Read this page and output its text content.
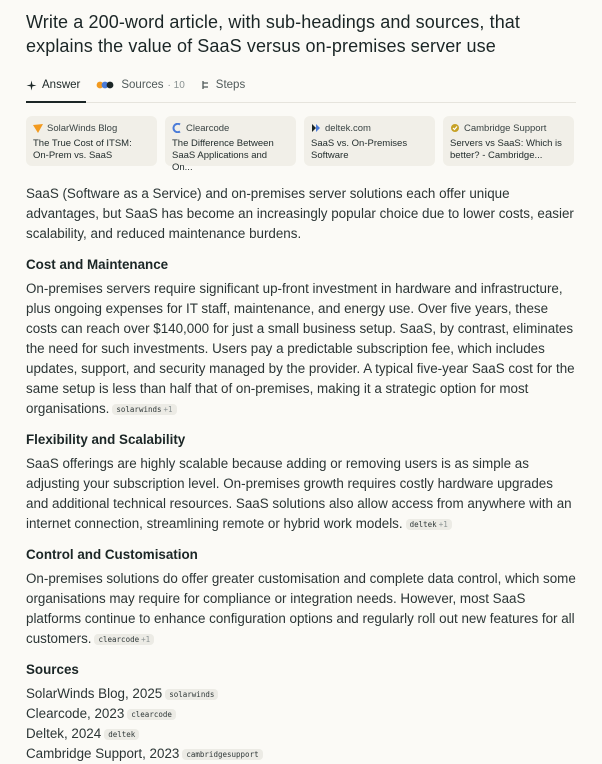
Write a 200-word article, with sub-headings and sources, that explains the value of SaaS versus on-premises server use
Answer	Sources · 10	Steps
SolarWinds Blog
The True Cost of ITSM: On-Prem vs. SaaS
Clearcode
The Difference Between SaaS Applications and On...
deltek.com
SaaS vs. On-Premises Software
Cambridge Support
Servers vs SaaS: Which is better? - Cambridge...

SaaS (Software as a Service) and on-premises server solutions each offer unique advantages, but SaaS has become an increasingly popular choice due to lower costs, easier scalability, and reduced maintenance burdens.

Cost and Maintenance

On-premises servers require significant up-front investment in hardware and infrastructure, plus ongoing expenses for IT staff, maintenance, and energy use. Over five years, these costs can reach over $140,000 for just a small business setup. SaaS, by contrast, eliminates the need for such investments. Users pay a predictable subscription fee, which includes updates, support, and security managed by the provider. A typical five-year SaaS cost for the same setup is less than half that of on-premises, making it a strategic option for most organisations. solarwinds +1

Flexibility and Scalability

SaaS offerings are highly scalable because adding or removing users is as simple as adjusting your subscription level. On-premises growth requires costly hardware upgrades and additional technical resources. SaaS solutions also allow access from anywhere with an internet connection, streamlining remote or hybrid work models. deltek +1

Control and Customisation

On-premises solutions do offer greater customisation and complete data control, which some organisations may require for compliance or integration needs. However, most SaaS platforms continue to enhance configuration options and regularly roll out new features for all customers. clearcode +1

Sources

SolarWinds Blog, 2025 solarwinds

Clearcode, 2023 clearcode

Deltek, 2024 deltek

Cambridge Support, 2023 cambridgesupport
